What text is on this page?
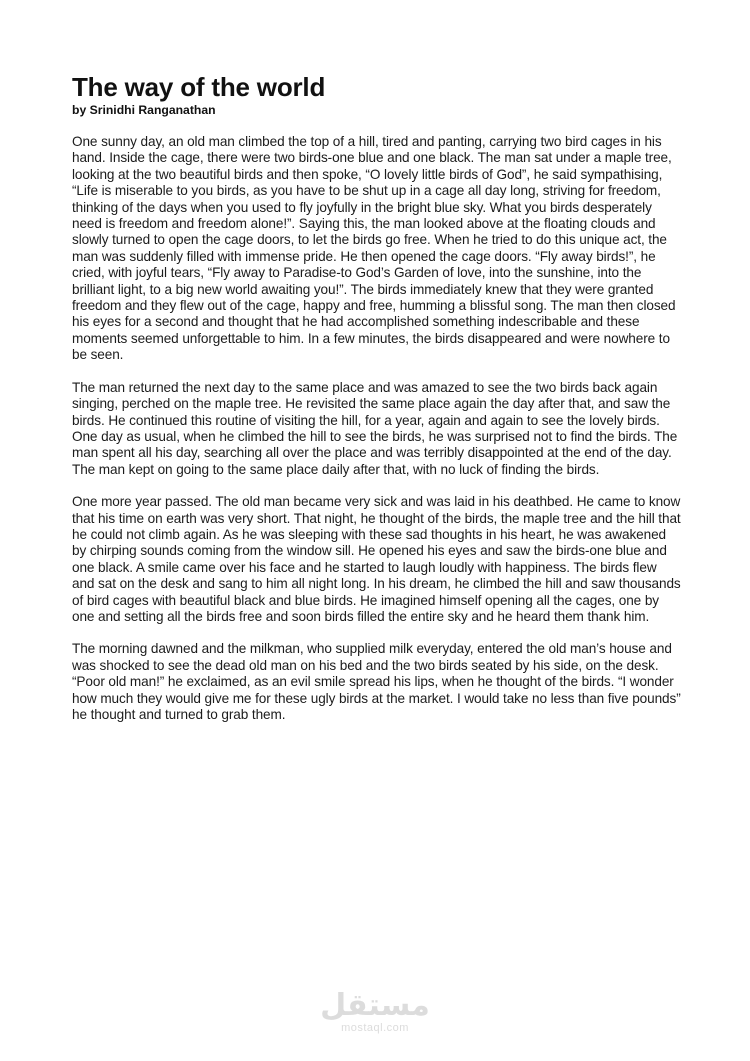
The way of the world

by Srinidhi Ranganathan

One sunny day, an old man climbed the top of a hill, tired and panting, carrying two bird cages in his hand. Inside the cage, there were two birds-one blue and one black. The man sat under a maple tree, looking at the two beautiful birds and then spoke, “O lovely little birds of God”, he said sympathising, “Life is miserable to you birds, as you have to be shut up in a cage all day long, striving for freedom, thinking of the days when you used to fly joyfully in the bright blue sky. What you birds desperately need is freedom and freedom alone!”. Saying this, the man looked above at the floating clouds and slowly turned to open the cage doors, to let the birds go free. When he tried to do this unique act, the man was suddenly filled with immense pride. He then opened the cage doors. “Fly away birds!”, he cried, with joyful tears, “Fly away to Paradise-to God’s Garden of love, into the sunshine, into the brilliant light, to a big new world awaiting you!”. The birds immediately knew that they were granted freedom and they flew out of the cage, happy and free, humming a blissful song. The man then closed his eyes for a second and thought that he had accomplished something indescribable and these moments seemed unforgettable to him. In a few minutes, the birds disappeared and were nowhere to be seen.

The man returned the next day to the same place and was amazed to see the two birds back again singing, perched on the maple tree. He revisited the same place again the day after that, and saw the birds. He continued this routine of visiting the hill, for a year, again and again to see the lovely birds. One day as usual, when he climbed the hill to see the birds, he was surprised not to find the birds. The man spent all his day, searching all over the place and was terribly disappointed at the end of the day. The man kept on going to the same place daily after that, with no luck of finding the birds.

One more year passed. The old man became very sick and was laid in his deathbed. He came to know that his time on earth was very short. That night, he thought of the birds, the maple tree and the hill that he could not climb again. As he was sleeping with these sad thoughts in his heart, he was awakened by chirping sounds coming from the window sill. He opened his eyes and saw the birds-one blue and one black. A smile came over his face and he started to laugh loudly with happiness. The birds flew and sat on the desk and sang to him all night long. In his dream, he climbed the hill and saw thousands of bird cages with beautiful black and blue birds. He imagined himself opening all the cages, one by one and setting all the birds free and soon birds filled the entire sky and he heard them thank him.

The morning dawned and the milkman, who supplied milk everyday, entered the old man’s house and was shocked to see the dead old man on his bed and the two birds seated by his side, on the desk. “Poor old man!” he exclaimed, as an evil smile spread his lips, when he thought of the birds. “I wonder how much they would give me for these ugly birds at the market. I would take no less than five pounds” he thought and turned to grab them.

مستقل
mostaql.com
